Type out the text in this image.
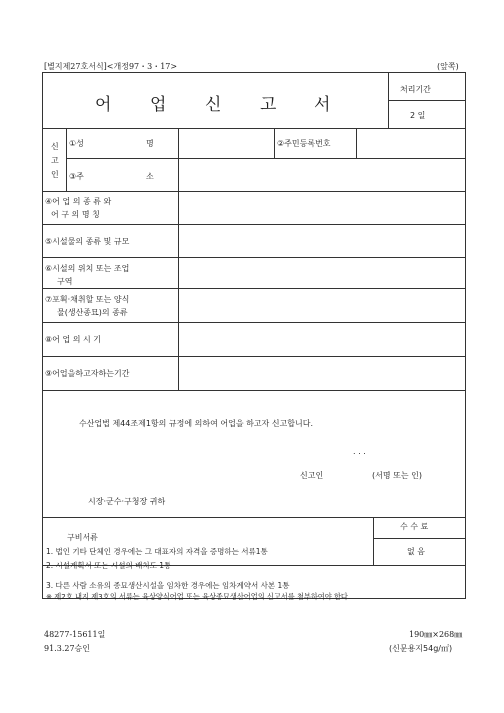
[별지제27호서식]<개정97・3・17>	(앞쪽)
어 업 신 고 서
처리기간
2 일
신
고
인
①성	명	②주민등록번호
③주	소
④어 업 의 종 류 와
어 구 의 명 칭
⑤시설물의 종류 및 규모
⑥시설의 위치 또는 조업
구역
⑦포획·채취할 또는 양식
물(생산종묘)의 종류
⑧어 업 의 시 기
⑨어업을하고자하는기간
수산업법 제44조제1항의 규정에 의하여 어업을 하고자 신고합니다.
. . .
신고인	(서명 또는 인)
시장·군수·구청장 귀하
구비서류
1. 법인 기타 단체인 경우에는 그 대표자의 자격을 증명하는 서류1통
2. 시설계획서 또는 시설의 배치도 1통
3. 다른 사람 소유의 종묘생산시설을 임차한 경우에는 임차계약서 사본 1통
※ 제2호 내지 제3호의 서류는 육상양식어업 또는 육상종묘생산어업의 신고서를 첨부하여야 한다.
수 수 료
없 음
48277-15611일
91.3.27승인
190㎜×268㎜
(신문용지54g/㎡)
